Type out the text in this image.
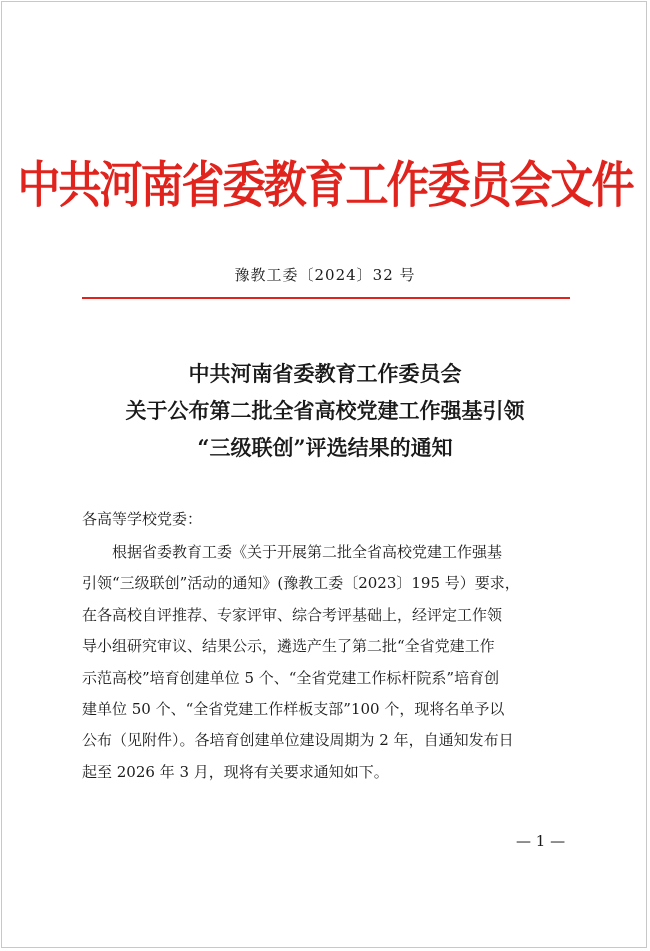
中共河南省委教育工作委员会文件
豫教工委〔2024〕32 号
中共河南省委教育工作委员会
关于公布第二批全省高校党建工作强基引领
“三级联创”评选结果的通知
各高等学校党委：
根据省委教育工委《关于开展第二批全省高校党建工作强基
引领“三级联创”活动的通知》(豫教工委〔2023〕195 号）要求，
在各高校自评推荐、专家评审、综合考评基础上，经评定工作领
导小组研究审议、结果公示，遴选产生了第二批“全省党建工作
示范高校”培育创建单位 5 个、“全省党建工作标杆院系”培育创
建单位 50 个、“全省党建工作样板支部”100 个，现将名单予以
公布（见附件）。各培育创建单位建设周期为 2 年，自通知发布日
起至 2026 年 3 月，现将有关要求通知如下。
— 1 —
